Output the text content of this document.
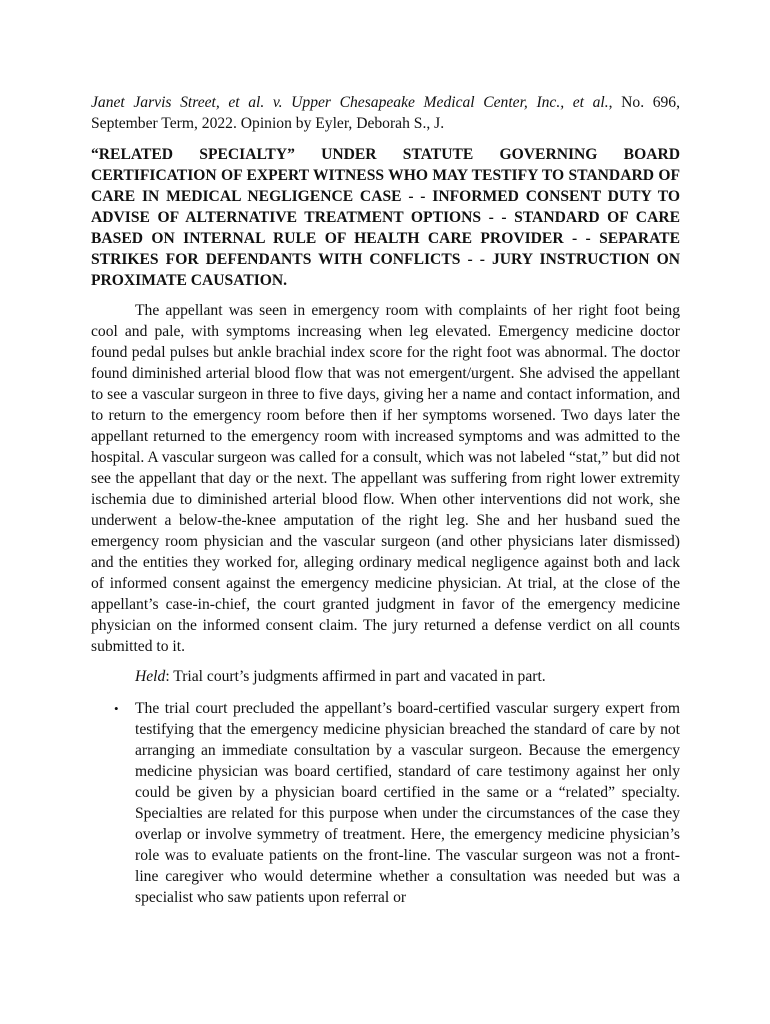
Janet Jarvis Street, et al. v. Upper Chesapeake Medical Center, Inc., et al., No. 696, September Term, 2022. Opinion by Eyler, Deborah S., J.

“RELATED SPECIALTY” UNDER STATUTE GOVERNING BOARD CERTIFICATION OF EXPERT WITNESS WHO MAY TESTIFY TO STANDARD OF CARE IN MEDICAL NEGLIGENCE CASE - - INFORMED CONSENT DUTY TO ADVISE OF ALTERNATIVE TREATMENT OPTIONS - - STANDARD OF CARE BASED ON INTERNAL RULE OF HEALTH CARE PROVIDER - - SEPARATE STRIKES FOR DEFENDANTS WITH CONFLICTS - - JURY INSTRUCTION ON PROXIMATE CAUSATION.

The appellant was seen in emergency room with complaints of her right foot being cool and pale, with symptoms increasing when leg elevated. Emergency medicine doctor found pedal pulses but ankle brachial index score for the right foot was abnormal. The doctor found diminished arterial blood flow that was not emergent/urgent. She advised the appellant to see a vascular surgeon in three to five days, giving her a name and contact information, and to return to the emergency room before then if her symptoms worsened. Two days later the appellant returned to the emergency room with increased symptoms and was admitted to the hospital. A vascular surgeon was called for a consult, which was not labeled “stat,” but did not see the appellant that day or the next. The appellant was suffering from right lower extremity ischemia due to diminished arterial blood flow. When other interventions did not work, she underwent a below-the-knee amputation of the right leg. She and her husband sued the emergency room physician and the vascular surgeon (and other physicians later dismissed) and the entities they worked for, alleging ordinary medical negligence against both and lack of informed consent against the emergency medicine physician. At trial, at the close of the appellant’s case-in-chief, the court granted judgment in favor of the emergency medicine physician on the informed consent claim. The jury returned a defense verdict on all counts submitted to it.

Held: Trial court’s judgments affirmed in part and vacated in part.

• The trial court precluded the appellant’s board-certified vascular surgery expert from testifying that the emergency medicine physician breached the standard of care by not arranging an immediate consultation by a vascular surgeon. Because the emergency medicine physician was board certified, standard of care testimony against her only could be given by a physician board certified in the same or a “related” specialty. Specialties are related for this purpose when under the circumstances of the case they overlap or involve symmetry of treatment. Here, the emergency medicine physician’s role was to evaluate patients on the front-line. The vascular surgeon was not a front-line caregiver who would determine whether a consultation was needed but was a specialist who saw patients upon referral or
